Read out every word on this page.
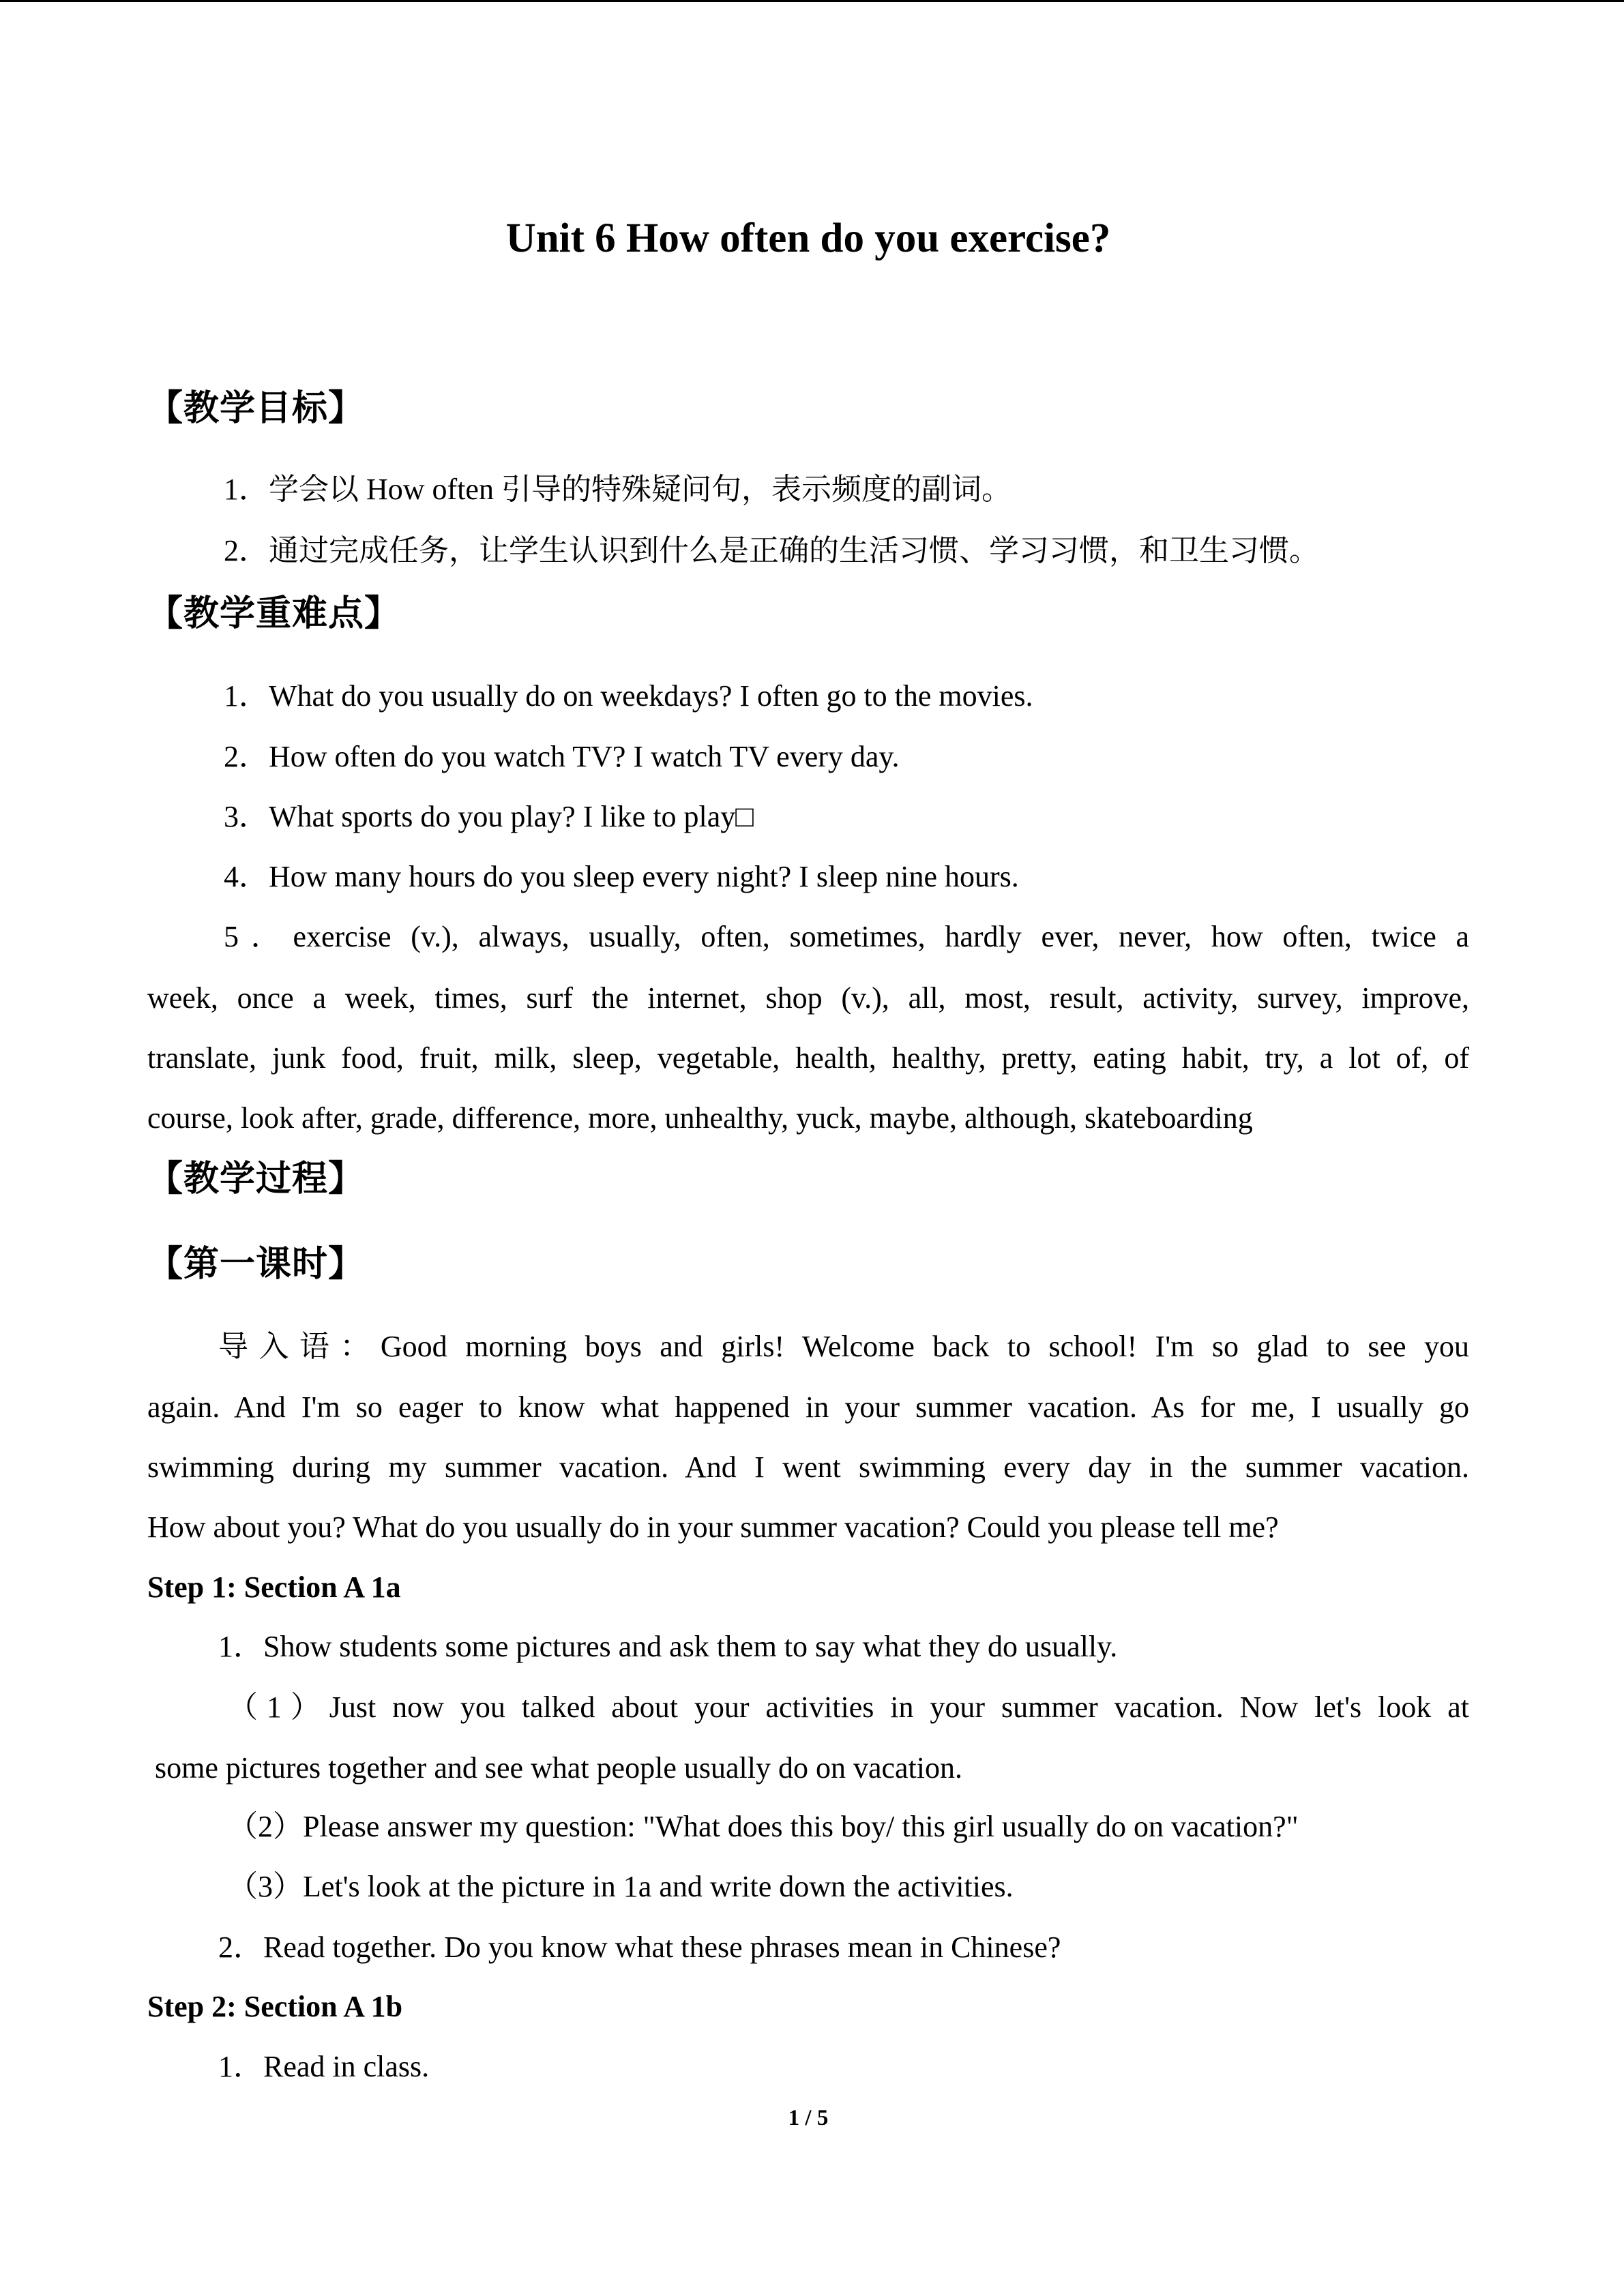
Unit 6 How often do you exercise?
【教学目标】
1．学会以 How often 引导的特殊疑问句，表示频度的副词。
2．通过完成任务，让学生认识到什么是正确的生活习惯、学习习惯，和卫生习惯。
【教学重难点】
1．What do you usually do on weekdays? I often go to the movies.
2．How often do you watch TV? I watch TV every day.
3．What sports do you play? I like to play□
4．How many hours do you sleep every night? I sleep nine hours.
5．exercise (v.), always, usually, often, sometimes, hardly ever, never, how often, twice a
week, once a week, times, surf the internet, shop (v.), all, most, result, activity, survey, improve,
translate, junk food, fruit, milk, sleep, vegetable, health, healthy, pretty, eating habit, try, a lot of, of
course, look after, grade, difference, more, unhealthy, yuck, maybe, although, skateboarding
【教学过程】
【第一课时】
导入语：Good morning boys and girls! Welcome back to school! I'm so glad to see you
again. And I'm so eager to know what happened in your summer vacation. As for me, I usually go
swimming during my summer vacation. And I went swimming every day in the summer vacation.
How about you? What do you usually do in your summer vacation? Could you please tell me?
Step 1: Section A 1a
1．Show students some pictures and ask them to say what they do usually.
（1）Just now you talked about your activities in your summer vacation. Now let's look at
some pictures together and see what people usually do on vacation.
（2）Please answer my question: "What does this boy/ this girl usually do on vacation?"
（3）Let's look at the picture in 1a and write down the activities.
2．Read together. Do you know what these phrases mean in Chinese?
Step 2: Section A 1b
1．Read in class.
1 / 5
